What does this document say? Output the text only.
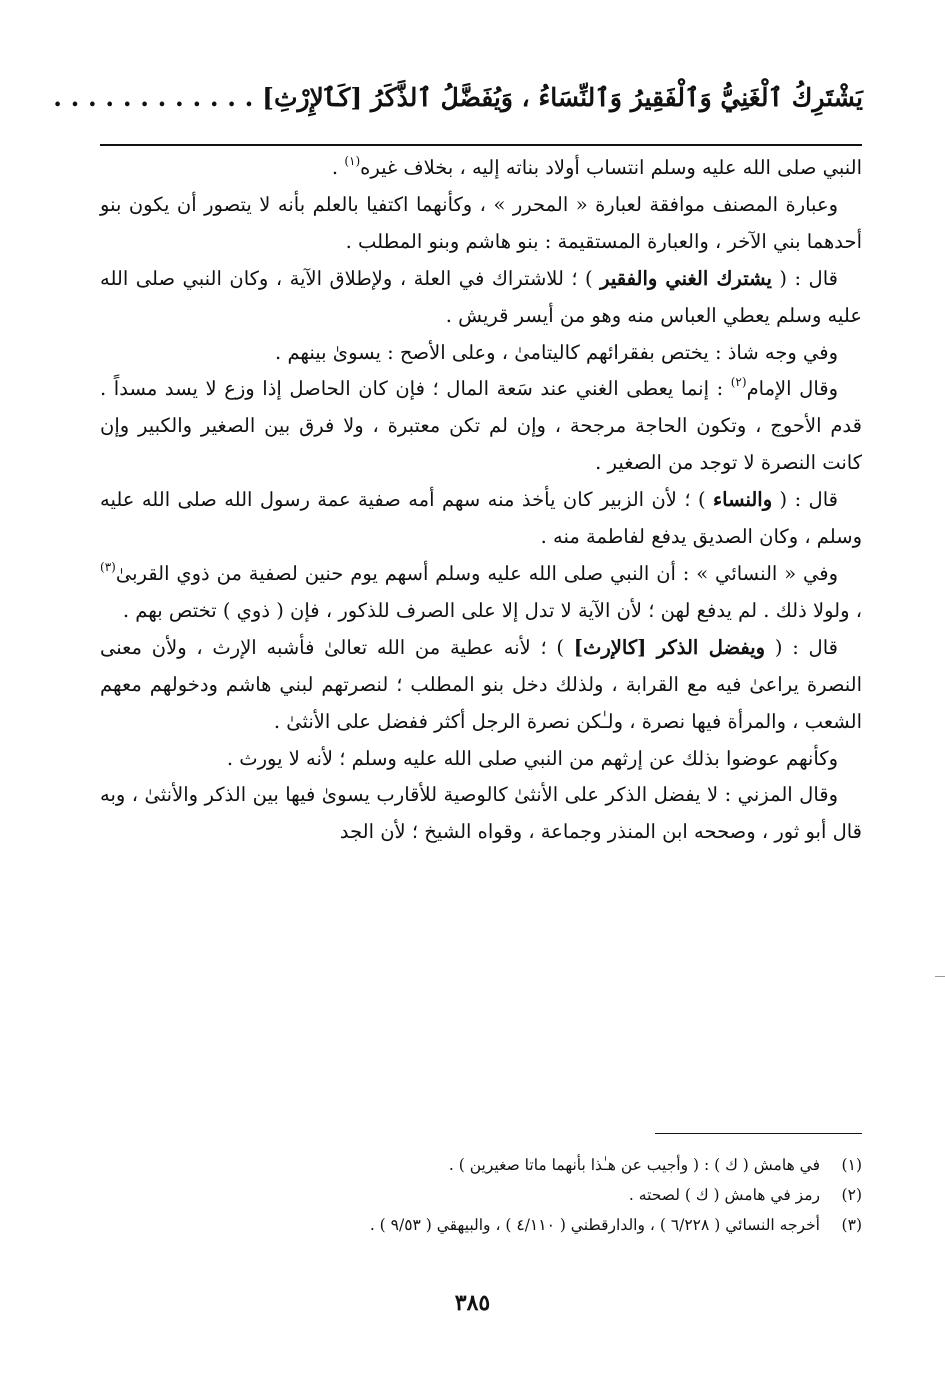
يَشْتَرِكُ ٱلْغَنِيُّ وَٱلْفَقِيرُ وَٱلنِّسَاءُ ، وَيُفَضَّلُ ٱلذَّكَرُ [كَٱلإِرْثِ] . . . . . . . . . . . .

النبي صلى الله عليه وسلم انتساب أولاد بناته إليه ، بخلاف غيره$^{(١)}$ .

وعبارة المصنف موافقة لعبارة « المحرر » ، وكأنهما اكتفيا بالعلم بأنه لا يتصور أن يكون بنو أحدهما بني الآخر ، والعبارة المستقيمة : بنو هاشم وبنو المطلب .

قال : ( يشترك الغني والفقير ) ؛ للاشتراك في العلة ، ولإطلاق الآية ، وكان النبي صلى الله عليه وسلم يعطي العباس منه وهو من أيسر قريش .

وفي وجه شاذ : يختص بفقرائهم كاليتامىٰ ، وعلى الأصح : يسوىٰ بينهم .

وقال الإمام$^{(٢)}$ : إنما يعطى الغني عند سَعة المال ؛ فإن كان الحاصل إذا وزع لا يسد مسداً . قدم الأحوج ، وتكون الحاجة مرجحة ، وإن لم تكن معتبرة ، ولا فرق بين الصغير والكبير وإن كانت النصرة لا توجد من الصغير .

قال : ( والنساء ) ؛ لأن الزبير كان يأخذ منه سهم أمه صفية عمة رسول الله صلى الله عليه وسلم ، وكان الصديق يدفع لفاطمة منه .

وفي « النسائي » : أن النبي صلى الله عليه وسلم أسهم يوم حنين لصفية من ذوي القربىٰ$^{(٣)}$ ، ولولا ذلك . لم يدفع لهن ؛ لأن الآية لا تدل إلا على الصرف للذكور ، فإن ( ذوي ) تختص بهم .

قال : ( ويفضل الذكر [كالإرث] ) ؛ لأنه عطية من الله تعالىٰ فأشبه الإرث ، ولأن معنى النصرة يراعىٰ فيه مع القرابة ، ولذلك دخل بنو المطلب ؛ لنصرتهم لبني هاشم ودخولهم معهم الشعب ، والمرأة فيها نصرة ، ولـٰكن نصرة الرجل أكثر ففضل على الأنثىٰ .

وكأنهم عوضوا بذلك عن إرثهم من النبي صلى الله عليه وسلم ؛ لأنه لا يورث .

وقال المزني : لا يفضل الذكر على الأنثىٰ كالوصية للأقارب يسوىٰ فيها بين الذكر والأنثىٰ ، وبه قال أبو ثور ، وصححه ابن المنذر وجماعة ، وقواه الشيخ ؛ لأن الجد

(١)
في هامش ( ك ) : ( وأجيب عن هـٰذا بأنهما ماتا صغيرين ) .
(٢)
رمز في هامش ( ك ) لصحته .
(٣)
أخرجه النسائي ( ٦/٢٢٨ ) ، والدارقطني ( ٤/١١٠ ) ، والبيهقي ( ٩/٥٣ ) .
٣٨٥
